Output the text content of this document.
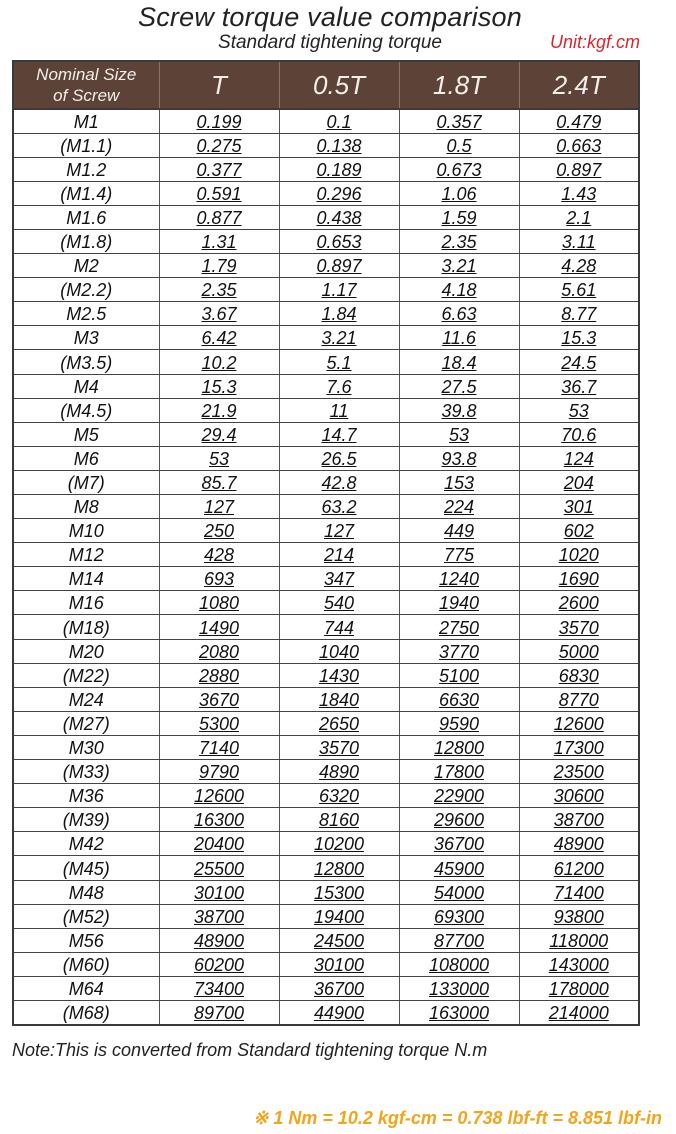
Screw torque value comparison
Standard tightening torque	Unit:kgf.cm
Nominal Size
of Screw	T	0.5T	1.8T	2.4T
M1	0.199	0.1	0.357	0.479
(M1.1)	0.275	0.138	0.5	0.663
M1.2	0.377	0.189	0.673	0.897
(M1.4)	0.591	0.296	1.06	1.43
M1.6	0.877	0.438	1.59	2.1
(M1.8)	1.31	0.653	2.35	3.11
M2	1.79	0.897	3.21	4.28
(M2.2)	2.35	1.17	4.18	5.61
M2.5	3.67	1.84	6.63	8.77
M3	6.42	3.21	11.6	15.3
(M3.5)	10.2	5.1	18.4	24.5
M4	15.3	7.6	27.5	36.7
(M4.5)	21.9	11	39.8	53
M5	29.4	14.7	53	70.6
M6	53	26.5	93.8	124
(M7)	85.7	42.8	153	204
M8	127	63.2	224	301
M10	250	127	449	602
M12	428	214	775	1020
M14	693	347	1240	1690
M16	1080	540	1940	2600
(M18)	1490	744	2750	3570
M20	2080	1040	3770	5000
(M22)	2880	1430	5100	6830
M24	3670	1840	6630	8770
(M27)	5300	2650	9590	12600
M30	7140	3570	12800	17300
(M33)	9790	4890	17800	23500
M36	12600	6320	22900	30600
(M39)	16300	8160	29600	38700
M42	20400	10200	36700	48900
(M45)	25500	12800	45900	61200
M48	30100	15300	54000	71400
(M52)	38700	19400	69300	93800
M56	48900	24500	87700	118000
(M60)	60200	30100	108000	143000
M64	73400	36700	133000	178000
(M68)	89700	44900	163000	214000
Note:This is converted from Standard tightening torque N.m
※ 1 Nm = 10.2 kgf-cm = 0.738 lbf-ft = 8.851 lbf-in
